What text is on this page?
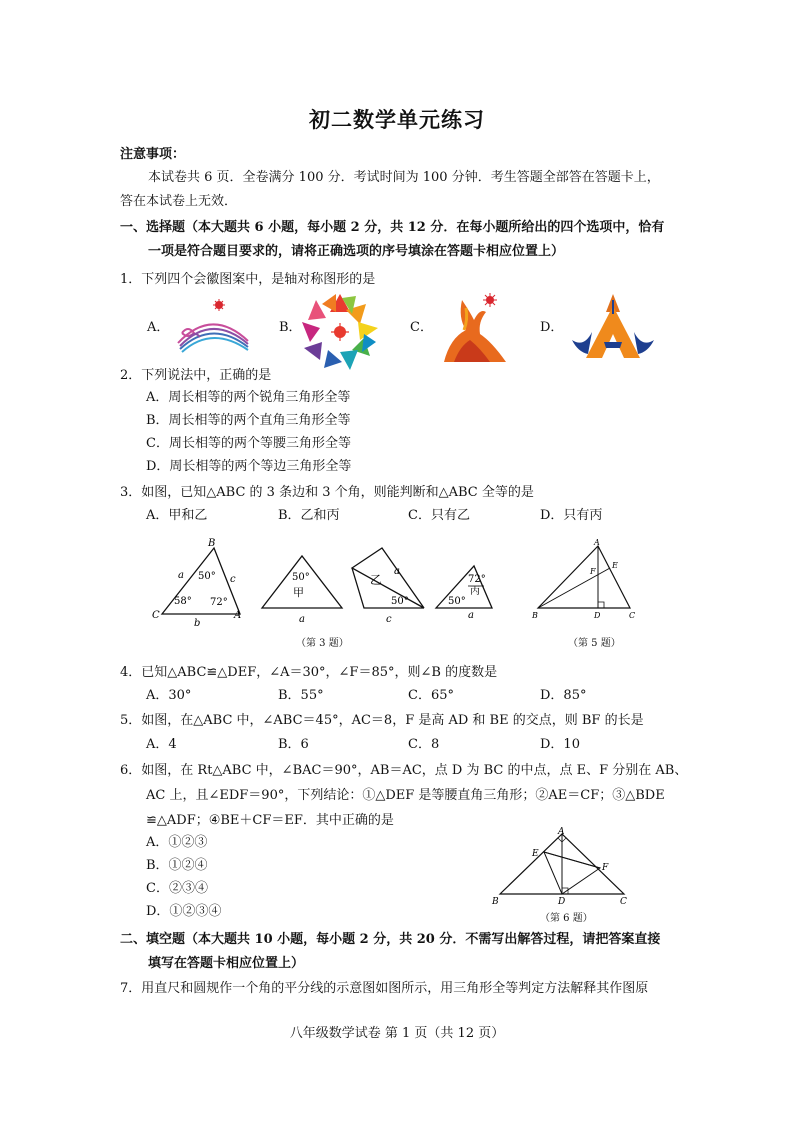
初二数学单元练习
注意事项：
本试卷共 6 页．全卷满分 100 分．考试时间为 100 分钟．考生答题全部答在答题卡上，
答在本试卷上无效．
一、选择题（本大题共 6 小题，每小题 2 分，共 12 分．在每小题所给出的四个选项中，恰有
一项是符合题目要求的，请将正确选项的序号填涂在答题卡相应位置上）
1．下列四个会徽图案中，是轴对称图形的是
A．	B．	C．	D．
2．下列说法中，正确的是
A．周长相等的两个锐角三角形全等
B．周长相等的两个直角三角形全等
C．周长相等的两个等腰三角形全等
D．周长相等的两个等边三角形全等
3．如图，已知△ABC 的 3 条边和 3 个角，则能判断和△ABC 全等的是
A．甲和乙	B．乙和丙	C．只有乙	D．只有丙
B
C	A
a	c
b
50°
58° 72°
50°
甲
a
乙
a
50°
c
72°
丙
50°
a
（第 3 题）
A
B	C
D
E
F
（第 5 题）
4．已知△ABC≌△DEF，∠A＝30°，∠F＝85°，则∠B 的度数是
A．30°	B．55°	C．65°	D．85°
5．如图，在△ABC 中，∠ABC＝45°，AC＝8，F 是高 AD 和 BE 的交点，则 BF 的长是
A．4	B．6	C．8	D．10
6．如图，在 Rt△ABC 中，∠BAC＝90°，AB＝AC，点 D 为 BC 的中点，点 E、F 分别在 AB、
AC 上，且∠EDF＝90°，下列结论：①△DEF 是等腰直角三角形；②AE＝CF；③△BDE
≌△ADF；④BE＋CF＝EF．其中正确的是
A．①②③
B．①②④
C．②③④
D．①②③④
A
B	C
D
E
F
（第 6 题）
二、填空题（本大题共 10 小题，每小题 2 分，共 20 分．不需写出解答过程，请把答案直接
填写在答题卡相应位置上）
7．用直尺和圆规作一个角的平分线的示意图如图所示，用三角形全等判定方法解释其作图原
八年级数学试卷 第 1 页（共 12 页）
